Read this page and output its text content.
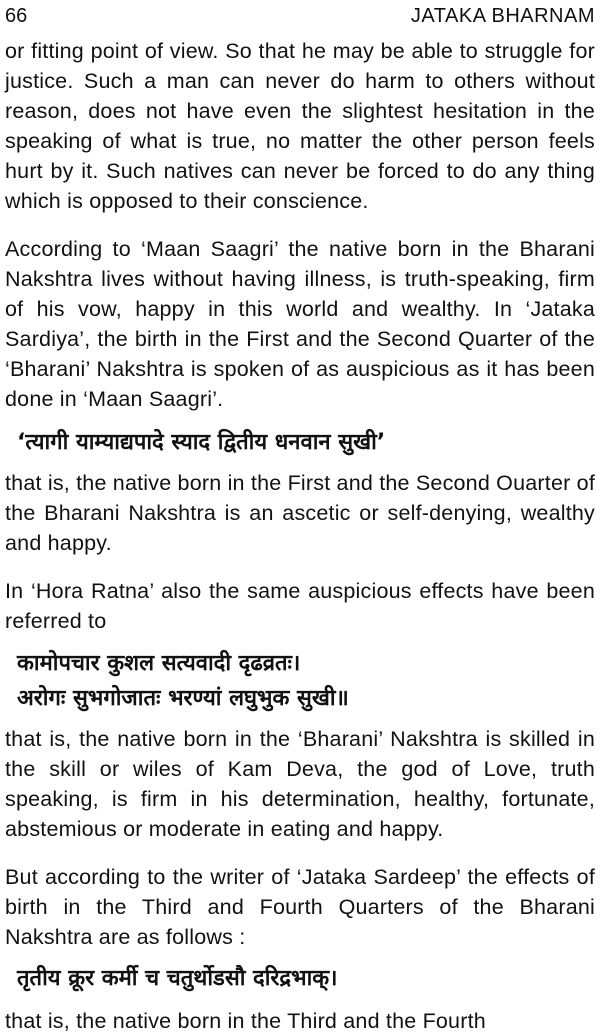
66	JATAKA BHARNAM

or fitting point of view. So that he may be able to struggle for justice. Such a man can never do harm to others without reason, does not have even the slightest hesitation in the speaking of what is true, no matter the other person feels hurt by it. Such natives can never be forced to do any thing which is opposed to their conscience.

According to ‘Maan Saagri’ the native born in the Bharani Nakshtra lives without having illness, is truth-speaking, firm of his vow, happy in this world and wealthy. In ‘Jataka Sardiya’, the birth in the First and the Second Quarter of the ‘Bharani’ Nakshtra is spoken of as auspicious as it has been done in ‘Maan Saagri’.

‘त्यागी याम्याद्यपादे स्याद द्वितीय धनवान सुखी’

that is, the native born in the First and the Second Ouarter of the Bharani Nakshtra is an ascetic or self-denying, wealthy and happy.

In ‘Hora Ratna’ also the same auspicious effects have been referred to

कामोपचार कुशल सत्यवादी दृढव्रतः।

अरोगः सुभगोजातः भरण्यां लघुभुक सुखी॥

that is, the native born in the ‘Bharani’ Nakshtra is skilled in the skill or wiles of Kam Deva, the god of Love, truth speaking, is firm in his determination, healthy, fortunate, abstemious or moderate in eating and happy.

But according to the writer of ‘Jataka Sardeep’ the effects of birth in the Third and Fourth Quarters of the Bharani Nakshtra are as follows :

तृतीय क्रूर कर्मी च चतुर्थोडसौ दरिद्रभाक्।

that is, the native born in the Third and the Fourth
